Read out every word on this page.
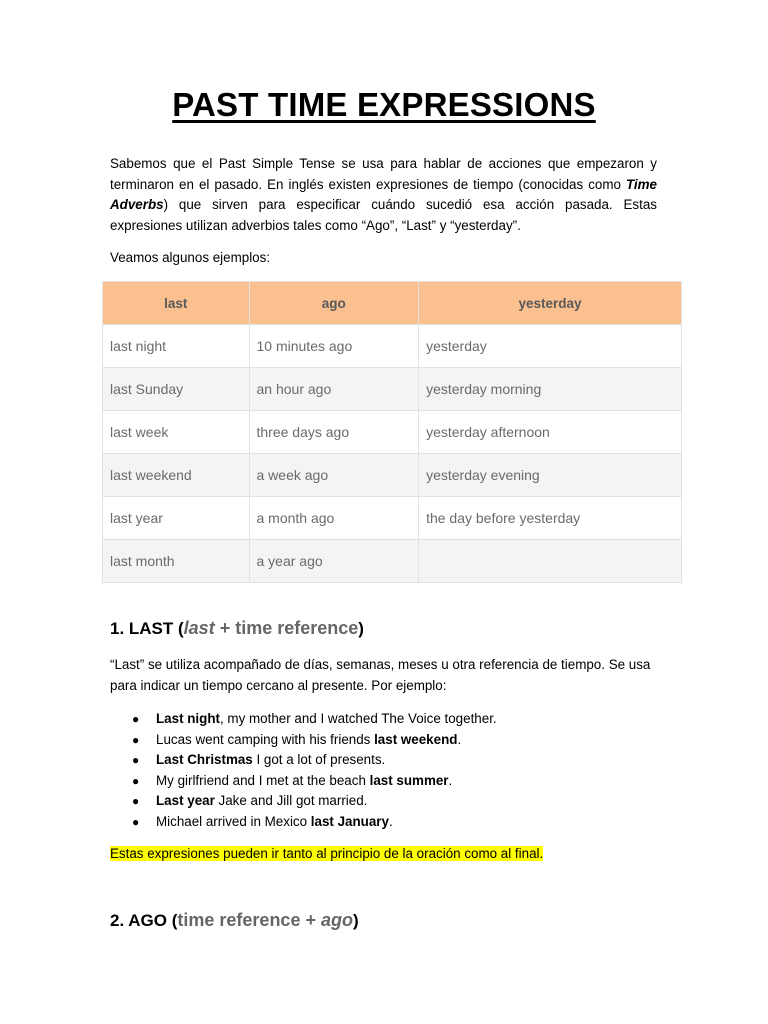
PAST TIME EXPRESSIONS

Sabemos que el Past Simple Tense se usa para hablar de acciones que empezaron y terminaron en el pasado. En inglés existen expresiones de tiempo (conocidas como Time Adverbs) que sirven para especificar cuándo sucedió esa acción pasada. Estas expresiones utilizan adverbios tales como “Ago”, “Last” y “yesterday”.

Veamos algunos ejemplos:

last	ago	yesterday
last night	10 minutes ago	yesterday
last Sunday	an hour ago	yesterday morning
last week	three days ago	yesterday afternoon
last weekend	a week ago	yesterday evening
last year	a month ago	the day before yesterday
last month	a year ago	
1. LAST (last + time reference)

“Last” se utiliza acompañado de días, semanas, meses u otra referencia de tiempo. Se usa para indicar un tiempo cercano al presente. Por ejemplo:

● Last night, my mother and I watched The Voice together.
● Lucas went camping with his friends last weekend.
● Last Christmas I got a lot of presents.
● My girlfriend and I met at the beach last summer.
● Last year Jake and Jill got married.
● Michael arrived in Mexico last January.

Estas expresiones pueden ir tanto al principio de la oración como al final.

2. AGO (time reference + ago)
